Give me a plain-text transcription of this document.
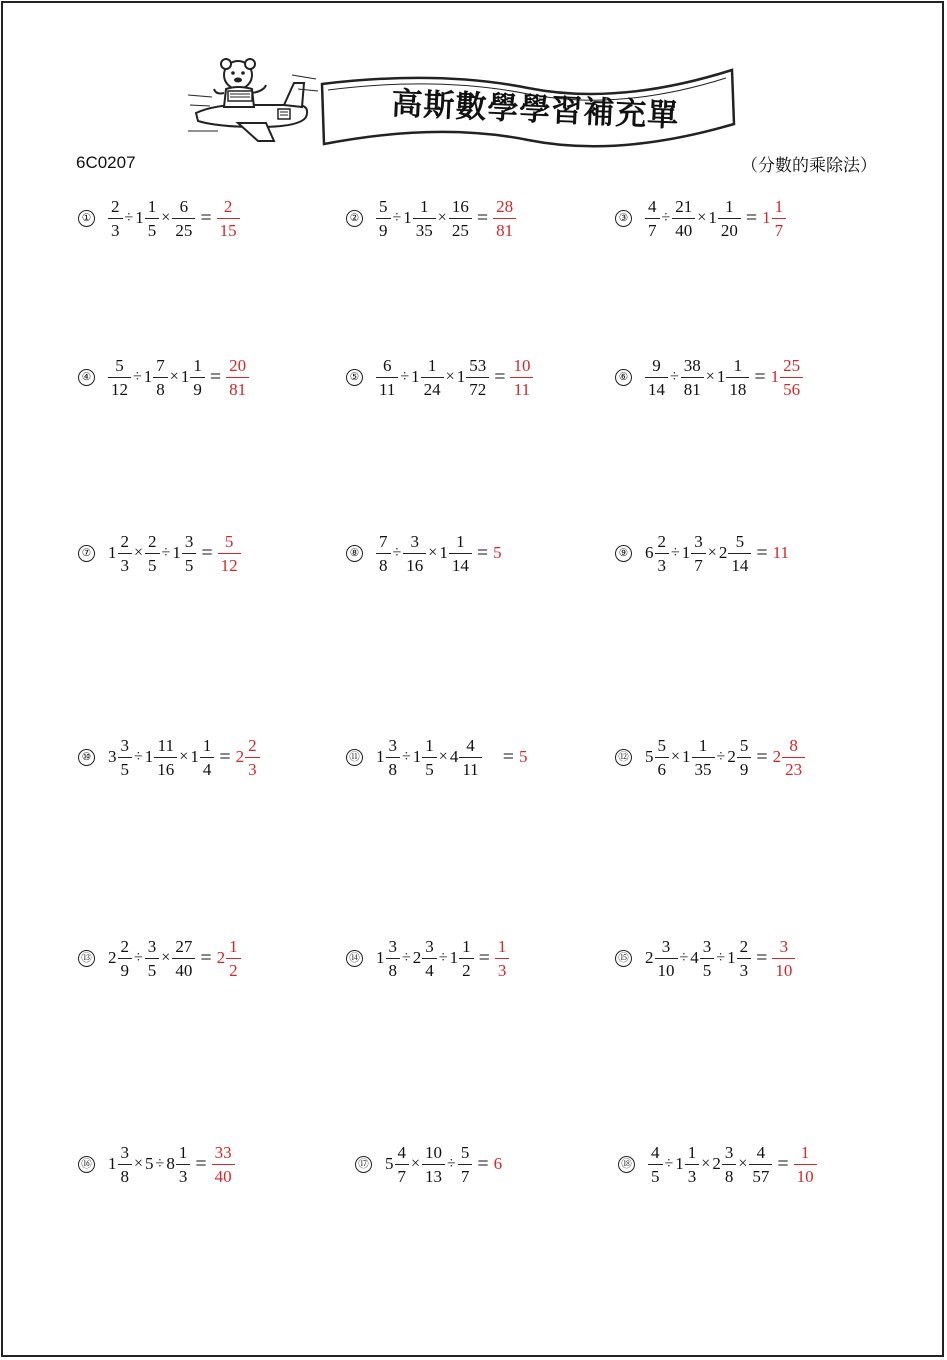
高斯數學學習補充單
6C0207	（分數的乘除法）
① $\frac{2}{3} \div 1 \frac{1}{5} \times \frac{6}{25} = \frac{2}{15}$	② $\frac{5}{9} \div 1 \frac{1}{35} \times \frac{16}{25} = \frac{28}{81}$	③ $\frac{4}{7} \div \frac{21}{40} \times 1 \frac{1}{20} = 1 \frac{1}{7}$
④ $\frac{5}{12} \div 1 \frac{7}{8} \times 1 \frac{1}{9} = \frac{20}{81}$	⑤ $\frac{6}{11} \div 1 \frac{1}{24} \times 1 \frac{53}{72} = \frac{10}{11}$	⑥ $\frac{9}{14} \div \frac{38}{81} \times 1 \frac{1}{18} = 1 \frac{25}{56}$
⑦ $1 \frac{2}{3} \times \frac{2}{5} \div 1 \frac{3}{5} = \frac{5}{12}$	⑧ $\frac{7}{8} \div \frac{3}{16} \times 1 \frac{1}{14} = 5$	⑨ $6 \frac{2}{3} \div 1 \frac{3}{7} \times 2 \frac{5}{14} = 11$
⑩ $3 \frac{3}{5} \div 1 \frac{11}{16} \times 1 \frac{1}{4} = 2 \frac{2}{3}$	⑪ $1 \frac{3}{8} \div 1 \frac{1}{5} \times 4 \frac{4}{11} = 5$	⑫ $5 \frac{5}{6} \times 1 \frac{1}{35} \div 2 \frac{5}{9} = 2 \frac{8}{23}$
⑬ $2 \frac{2}{9} \div \frac{3}{5} \times \frac{27}{40} = 2 \frac{1}{2}$	⑭ $1 \frac{3}{8} \div 2 \frac{3}{4} \div 1 \frac{1}{2} = \frac{1}{3}$	⑮ $2 \frac{3}{10} \div 4 \frac{3}{5} \div 1 \frac{2}{3} = \frac{3}{10}$
⑯ $1 \frac{3}{8} \times 5 \div 8 \frac{1}{3} = \frac{33}{40}$	⑰ $5 \frac{4}{7} \times \frac{10}{13} \div \frac{5}{7} = 6$	⑱ $\frac{4}{5} \div 1 \frac{1}{3} \times 2 \frac{3}{8} \times \frac{4}{57} = \frac{1}{10}$
